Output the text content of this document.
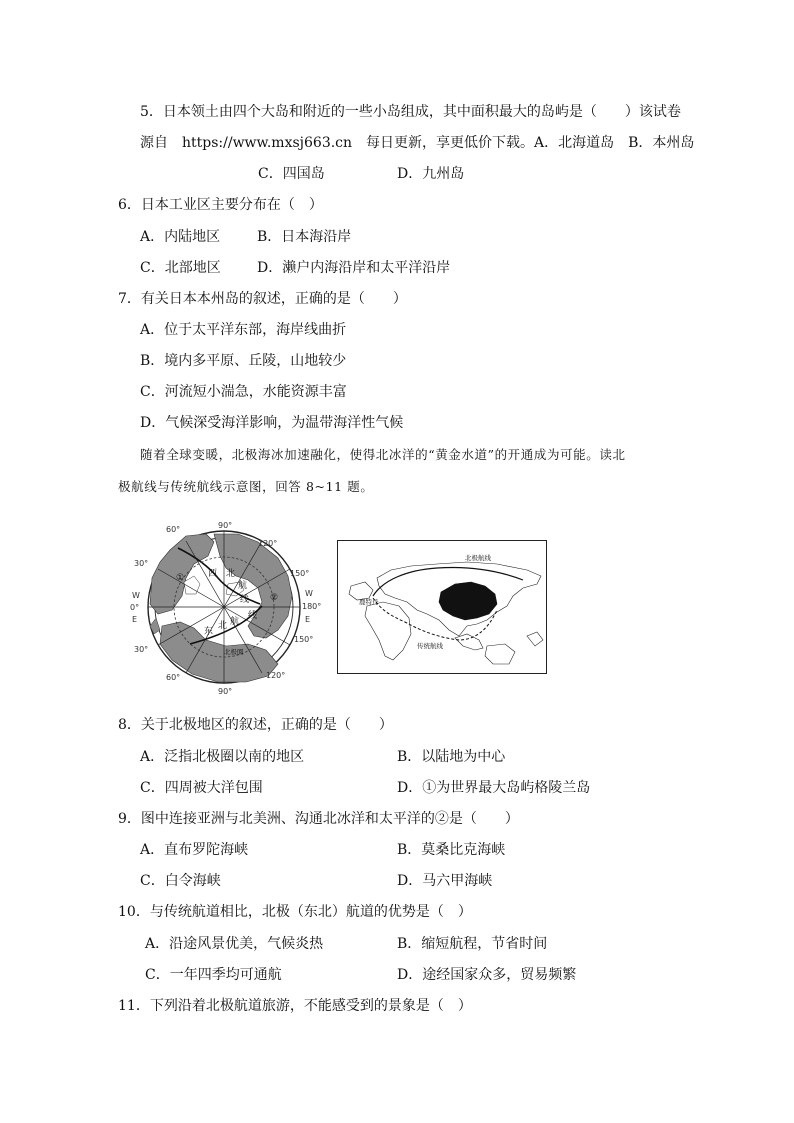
5．日本领土由四个大岛和附近的一些小岛组成，其中面积最大的岛屿是（　　）该试卷
源自　https://www.mxsj663.cn　每日更新，享更低价下载。A．北海道岛　B．本州岛
C．四国岛	D．九州岛
6．日本工业区主要分布在（　）
A．内陆地区	B．日本海沿岸
C．北部地区	D．濑户内海沿岸和太平洋沿岸
7．有关日本本州岛的叙述，正确的是（　　）
A．位于太平洋东部，海岸线曲折
B．境内多平原、丘陵，山地较少
C．河流短小湍急，水能资源丰富
D．气候深受海洋影响，为温带海洋性气候
随着全球变暖，北极海冰加速融化，使得北冰洋的“黄金水道”的开通成为可能。读北
极航线与传统航线示意图，回答 8~11 题。
90°
120°
150°
W
180°
E
150°
120°
90°
60°
60°
30°
W
0°
E
30°
①	西 北
航
线 ②
东
北 航
线
北极圈
北极航线
鹿特丹
传统航线
8．关于北极地区的叙述，正确的是（　　）
A．泛指北极圈以南的地区	B．以陆地为中心
C．四周被大洋包围	D．①为世界最大岛屿格陵兰岛
9．图中连接亚洲与北美洲、沟通北冰洋和太平洋的②是（　　）
A．直布罗陀海峡	B．莫桑比克海峡
C．白令海峡	D．马六甲海峡
10．与传统航道相比，北极（东北）航道的优势是（　）
A．沿途风景优美，气候炎热	B．缩短航程，节省时间
C．一年四季均可通航	D．途经国家众多，贸易频繁
11．下列沿着北极航道旅游，不能感受到的景象是（　）
